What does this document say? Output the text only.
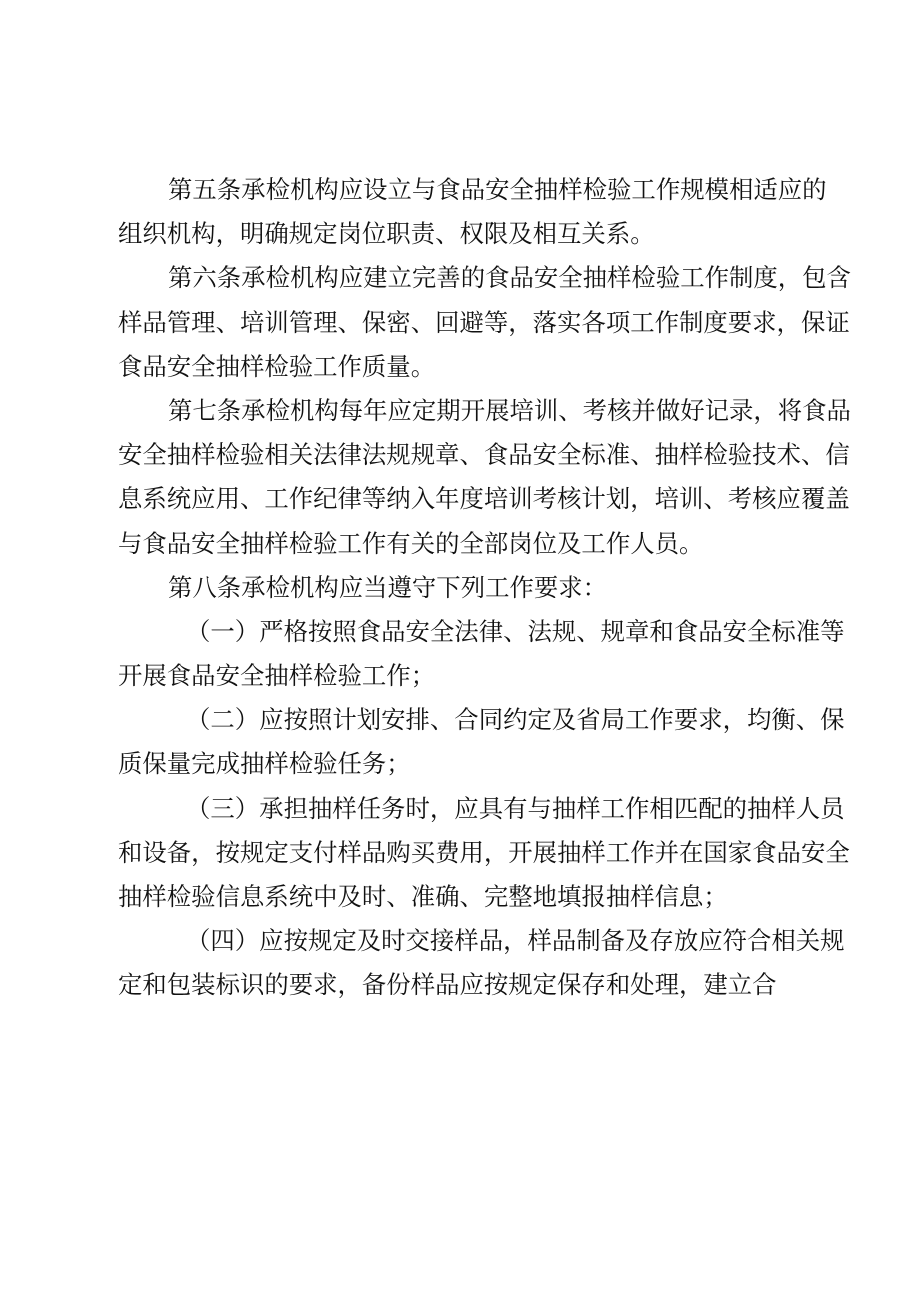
第五条承检机构应设立与食品安全抽样检验工作规模相适应的
组织机构，明确规定岗位职责、权限及相互关系。
第六条承检机构应建立完善的食品安全抽样检验工作制度，包含
样品管理、培训管理、保密、回避等，落实各项工作制度要求，保证
食品安全抽样检验工作质量。
第七条承检机构每年应定期开展培训、考核并做好记录，将食品
安全抽样检验相关法律法规规章、食品安全标准、抽样检验技术、信
息系统应用、工作纪律等纳入年度培训考核计划，培训、考核应覆盖
与食品安全抽样检验工作有关的全部岗位及工作人员。
第八条承检机构应当遵守下列工作要求：
（一）严格按照食品安全法律、法规、规章和食品安全标准等
开展食品安全抽样检验工作；
（二）应按照计划安排、合同约定及省局工作要求，均衡、保
质保量完成抽样检验任务；
（三）承担抽样任务时，应具有与抽样工作相匹配的抽样人员
和设备，按规定支付样品购买费用，开展抽样工作并在国家食品安全
抽样检验信息系统中及时、准确、完整地填报抽样信息；
（四）应按规定及时交接样品，样品制备及存放应符合相关规
定和包装标识的要求，备份样品应按规定保存和处理，建立合
